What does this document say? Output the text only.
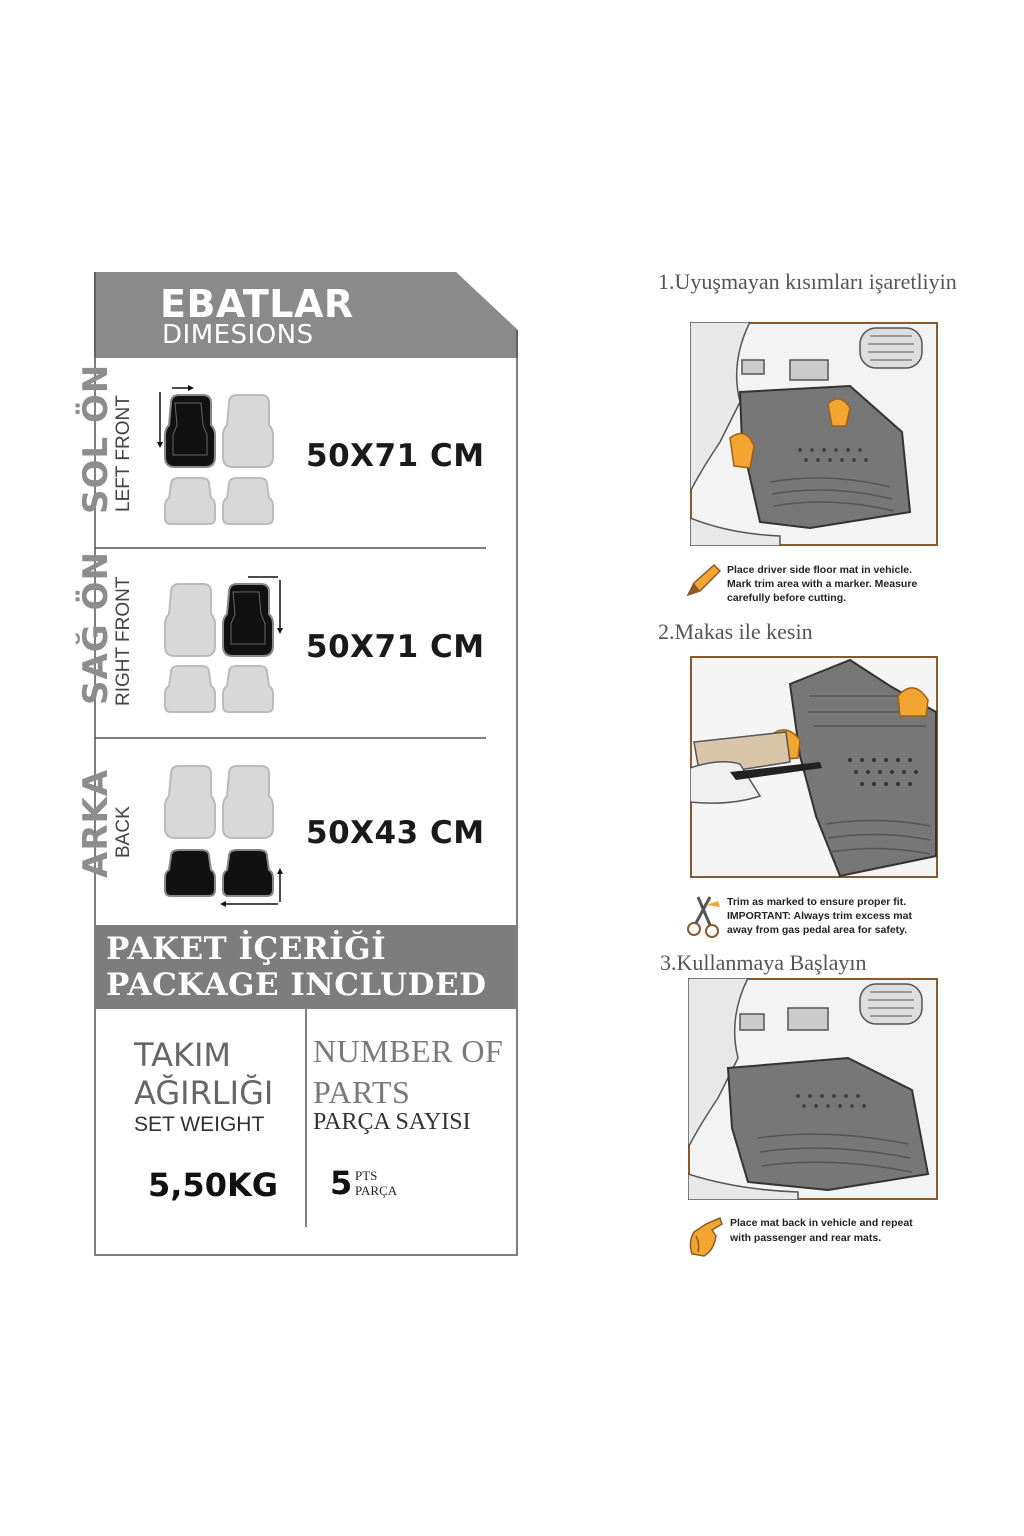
EBATLAR
DIMESIONS
SOL ÖN
LEFT FRONT
SAĞ ÖN
RIGHT FRONT
ARKA
BACK
50X71 CM
50X71 CM
50X43 CM
PAKET İÇERİĞİ
PACKAGE INCLUDED
TAKIM
AĞIRLIĞI
SET WEIGHT
5,50KG
NUMBER OF
PARTS
PARÇA SAYISI
5 PTS
PARÇA
1.Uyuşmayan kısımları işaretliyin
Place driver side floor mat in vehicle.
Mark trim area with a marker. Measure
carefully before cutting.
2.Makas ile kesin
Trim as marked to ensure proper fit.
IMPORTANT: Always trim excess mat
away from gas pedal area for safety.
3.Kullanmaya Başlayın
Place mat back in vehicle and repeat
with passenger and rear mats.
